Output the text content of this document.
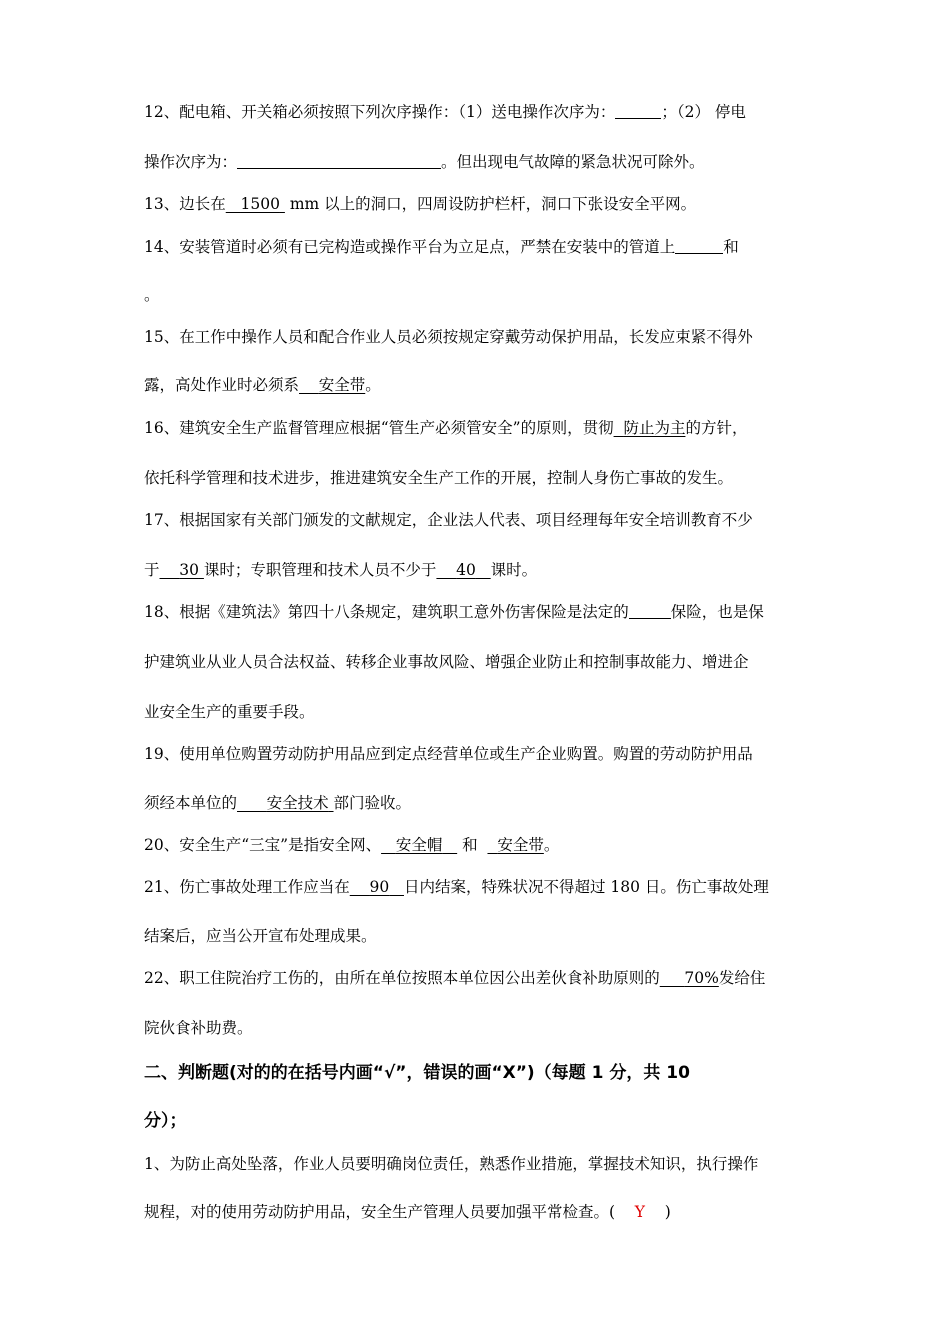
12、配电箱、开关箱必须按照下列次序操作：（1）送电操作次序为：	；（2） 停电
操作次序为：	。但出现电气故障的紧急状况可除外。
13、边长在 1500  mm 以上的洞口，四周设防护栏杆，洞口下张设安全平网。
14、安装管道时必须有已完构造或操作平台为立足点，严禁在安装中的管道上	和
。
15、在工作中操作人员和配合作业人员必须按规定穿戴劳动保护用品，长发应束紧不得外
露，高处作业时必须系 安全带。
16、建筑安全生产监督管理应根据“管生产必须管安全”的原则，贯彻 防止为主的方针，
依托科学管理和技术进步，推进建筑安全生产工作的开展，控制人身伤亡事故的发生。
17、根据国家有关部门颁发的文献规定，企业法人代表、项目经理每年安全培训教育不少
于 30 课时；专职管理和技术人员不少于 40 课时。
18、根据《建筑法》第四十八条规定，建筑职工意外伤害保险是法定的	保险，也是保
护建筑业从业人员合法权益、转移企业事故风险、增强企业防止和控制事故能力、增进企
业安全生产的重要手段。
19、使用单位购置劳动防护用品应到定点经营单位或生产企业购置。购置的劳动防护用品
须经本单位的 安全技术 部门验收。
20、安全生产“三宝”是指安全网、 安全帽 和 安全带。
21、伤亡事故处理工作应当在 90 日内结案，特殊状况不得超过 180 日。伤亡事故处理
结案后，应当公开宣布处理成果。
22、职工住院治疗工伤的，由所在单位按照本单位因公出差伙食补助原则的 70%发给住
院伙食补助费。
二、判断题(对的的在括号内画“√”，错误的画“X”)（每题 1 分，共 10
分）；
1、为防止高处坠落，作业人员要明确岗位责任，熟悉作业措施，掌握技术知识，执行操作
规程，对的使用劳动防护用品，安全生产管理人员要加强平常检查。( Y )
